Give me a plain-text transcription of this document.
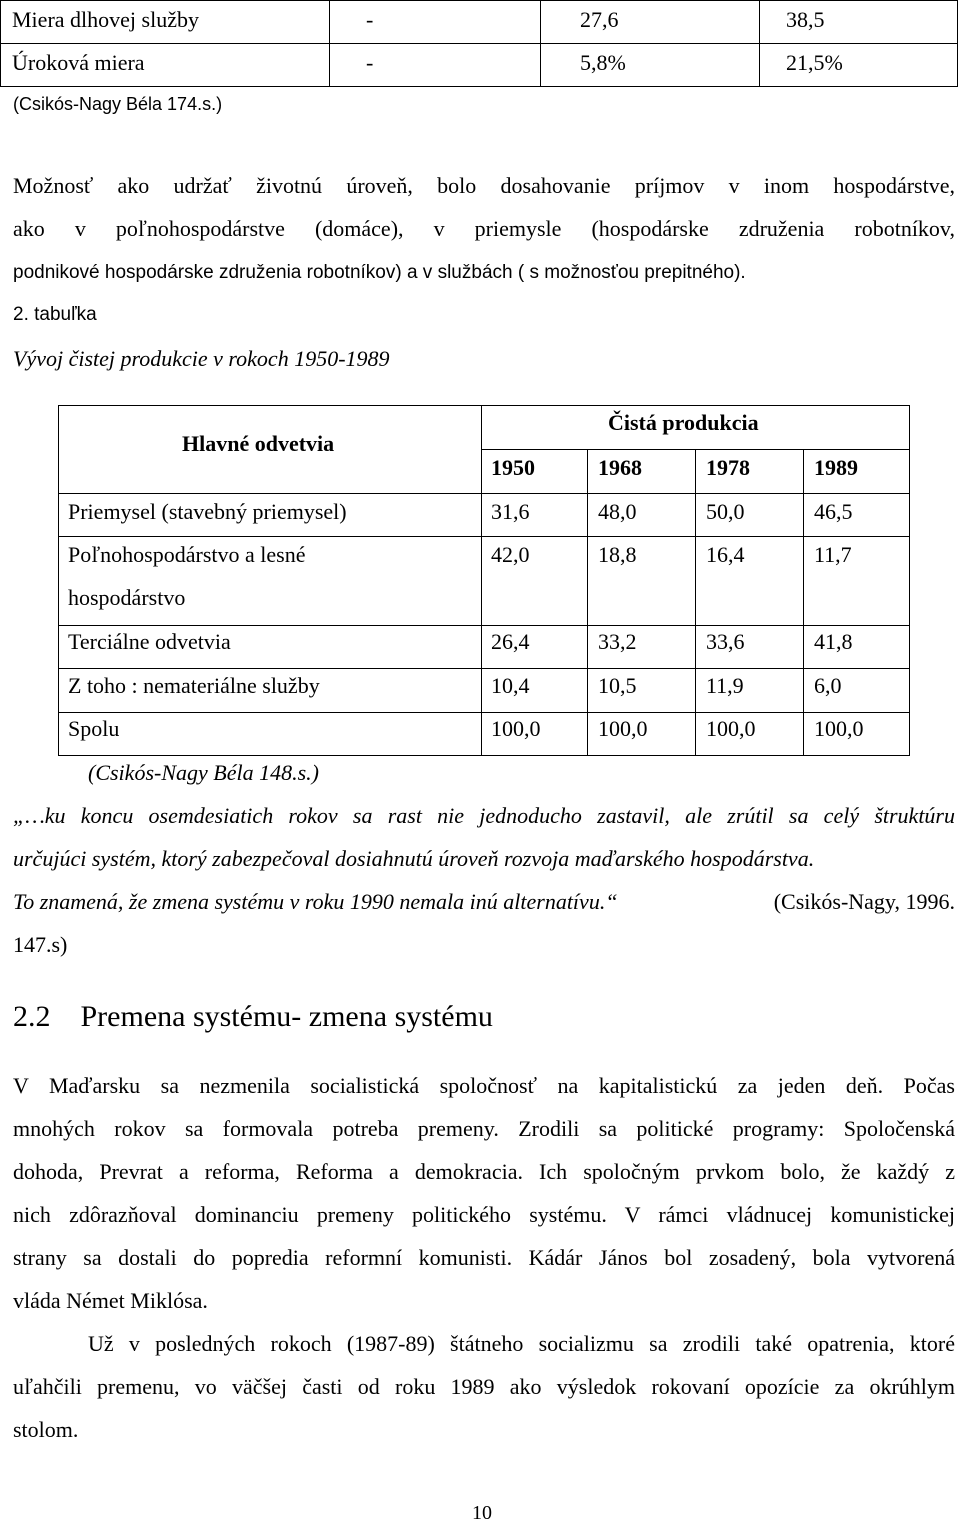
Miera dlhovej služby	-	27,6	38,5
Úroková miera	-	5,8%	21,5%
(Csikós-Nagy Béla 174.s.)
Možnosť ako udržať životnú úroveň, bolo dosahovanie príjmov v inom hospodárstve,
ako v poľnohospodárstve (domáce), v priemysle (hospodárske združenia robotníkov,
podnikové hospodárske združenia robotníkov) a v službách ( s možnosťou prepitného).
2. tabuľka
Vývoj čistej produkcie v rokoch 1950-1989
Hlavné odvetvia
Čistá produkcia
1950	1968	1978	1989
Priemysel (stavebný priemysel)	31,6	48,0	50,0	46,5
Poľnohospodárstvo a lesné
hospodárstvo
42,0	18,8	16,4	11,7
Terciálne odvetvia	26,4	33,2	33,6	41,8
Z toho : nemateriálne služby	10,4	10,5	11,9	6,0
Spolu	100,0	100,0	100,0	100,0
(Csikós-Nagy Béla 148.s.)
„…ku koncu osemdesiatich rokov sa rast nie jednoducho zastavil, ale zrútil sa celý štruktúru
určujúci systém, ktorý zabezpečoval dosiahnutú úroveň rozvoja maďarského hospodárstva.
To znamená, že zmena systému v roku 1990 nemala inú alternatívu.“	(Csikós-Nagy, 1996.
147.s)
2.2 Premena systému- zmena systému
V Maďarsku sa nezmenila socialistická spoločnosť na kapitalistickú za jeden deň. Počas
mnohých rokov sa formovala potreba premeny. Zrodili sa politické programy: Spoločenská
dohoda, Prevrat a reforma, Reforma a demokracia. Ich spoločným prvkom bolo, že každý z
nich zdôrazňoval dominanciu premeny politického systému. V rámci vládnucej komunistickej
strany sa dostali do popredia reformní komunisti. Kádár János bol zosadený, bola vytvorená
vláda Német Miklósa.
Už v posledných rokoch (1987-89) štátneho socializmu sa zrodili také opatrenia, ktoré
uľahčili premenu, vo väčšej časti od roku 1989 ako výsledok rokovaní opozície za okrúhlym
stolom.
10
